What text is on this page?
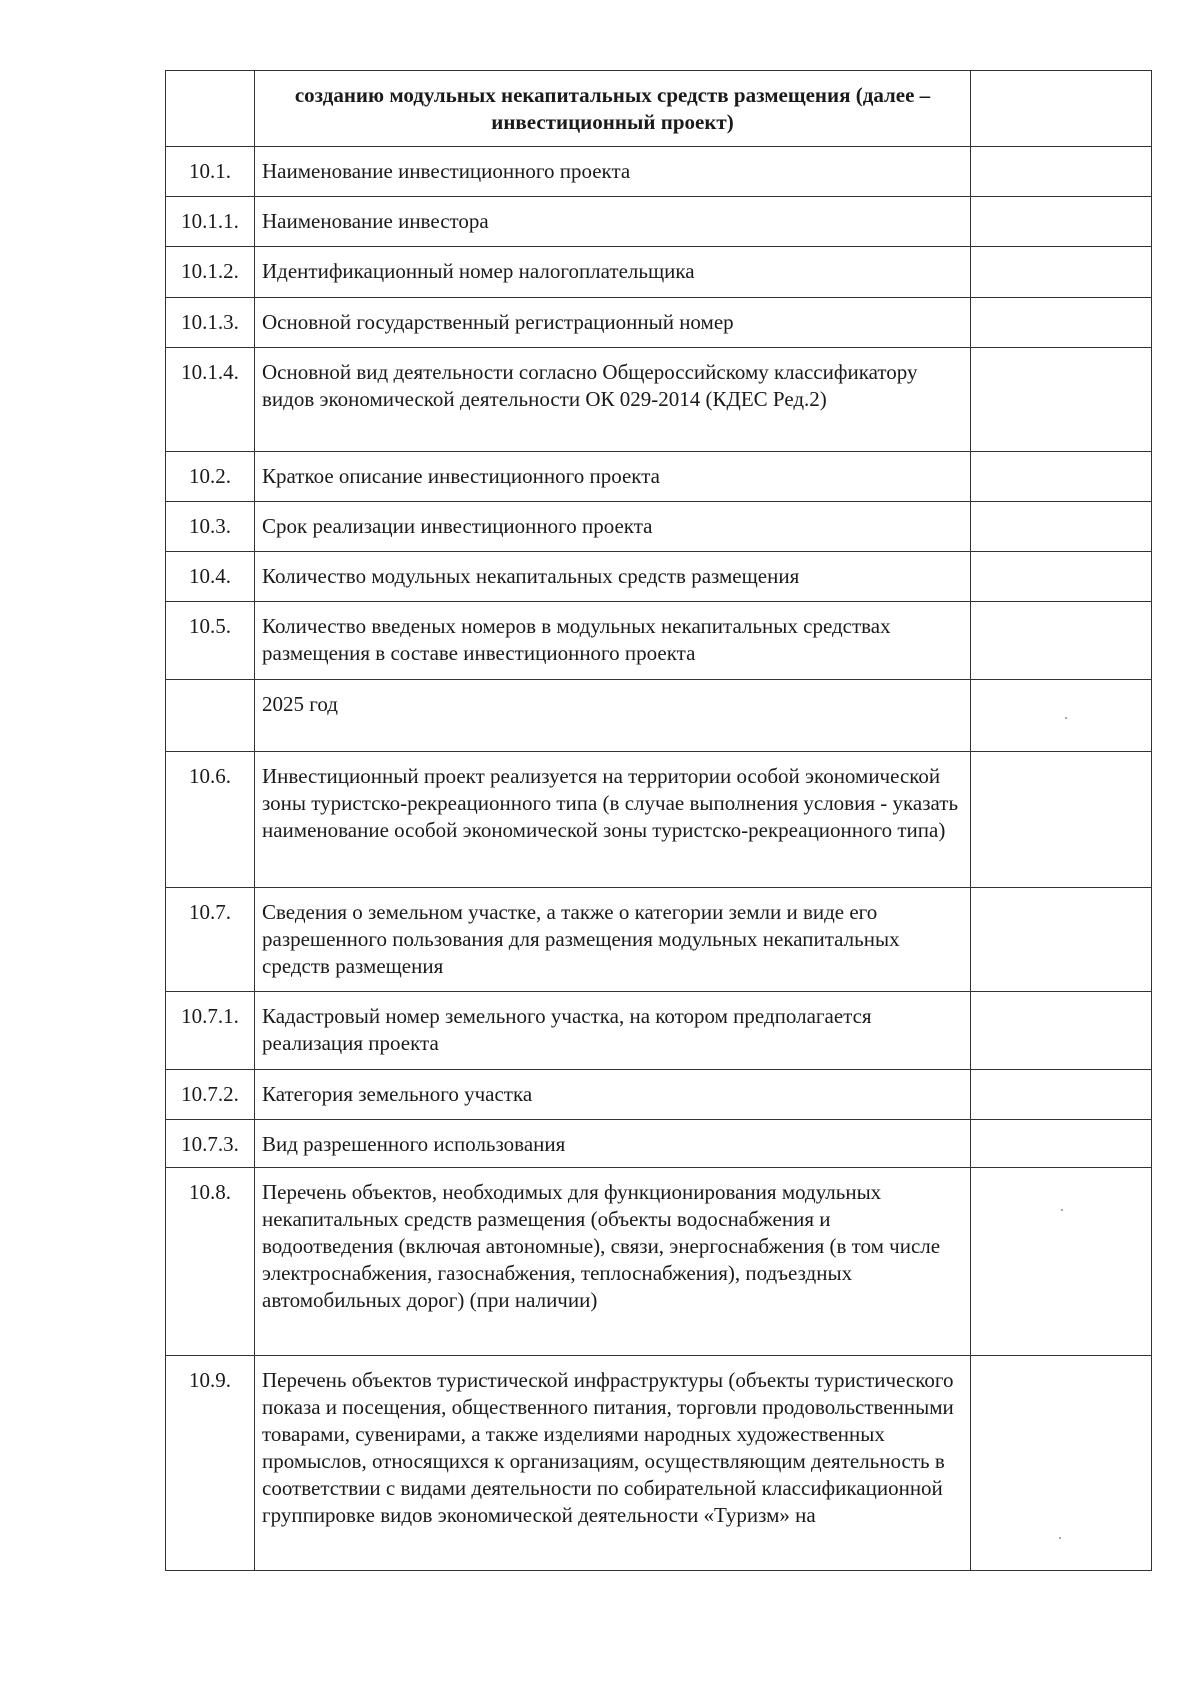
	созданию модульных некапитальных средств размещения (далее – инвестиционный проект)	
10.1.	Наименование инвестиционного проекта	
10.1.1.	Наименование инвестора	
10.1.2.	Идентификационный номер налогоплательщика	
10.1.3.	Основной государственный регистрационный номер	
10.1.4.	Основной вид деятельности согласно Общероссийскому классификатору видов экономической деятельности ОК 029-2014 (КДЕС Ред.2)	
10.2.	Краткое описание инвестиционного проекта	
10.3.	Срок реализации инвестиционного проекта	
10.4.	Количество модульных некапитальных средств размещения	
10.5.	Количество введеных номеров в модульных некапитальных средствах размещения в составе инвестиционного проекта	
	2025 год	
10.6.	Инвестиционный проект реализуется на территории особой экономической зоны туристско-рекреационного типа (в случае выполнения условия - указать наименование особой экономической зоны туристско-рекреационного типа)	
10.7.	Сведения о земельном участке, а также о категории земли и виде его разрешенного пользования для размещения модульных некапитальных средств размещения	
10.7.1.	Кадастровый номер земельного участка, на котором предполагается реализация проекта	
10.7.2.	Категория земельного участка	
10.7.3.	Вид разрешенного использования	
10.8.	Перечень объектов, необходимых для функционирования модульных некапитальных средств размещения (объекты водоснабжения и водоотведения (включая автономные), связи, энергоснабжения (в том числе электроснабжения, газоснабжения, теплоснабжения), подъездных автомобильных дорог) (при наличии)	
10.9.	Перечень объектов туристической инфраструктуры (объекты туристического показа и посещения, общественного питания, торговли продовольственными товарами, сувенирами, а также изделиями народных художественных промыслов, относящихся к организациям, осуществляющим деятельность в соответствии с видами деятельности по собирательной классификационной группировке видов экономической деятельности «Туризм» на	
